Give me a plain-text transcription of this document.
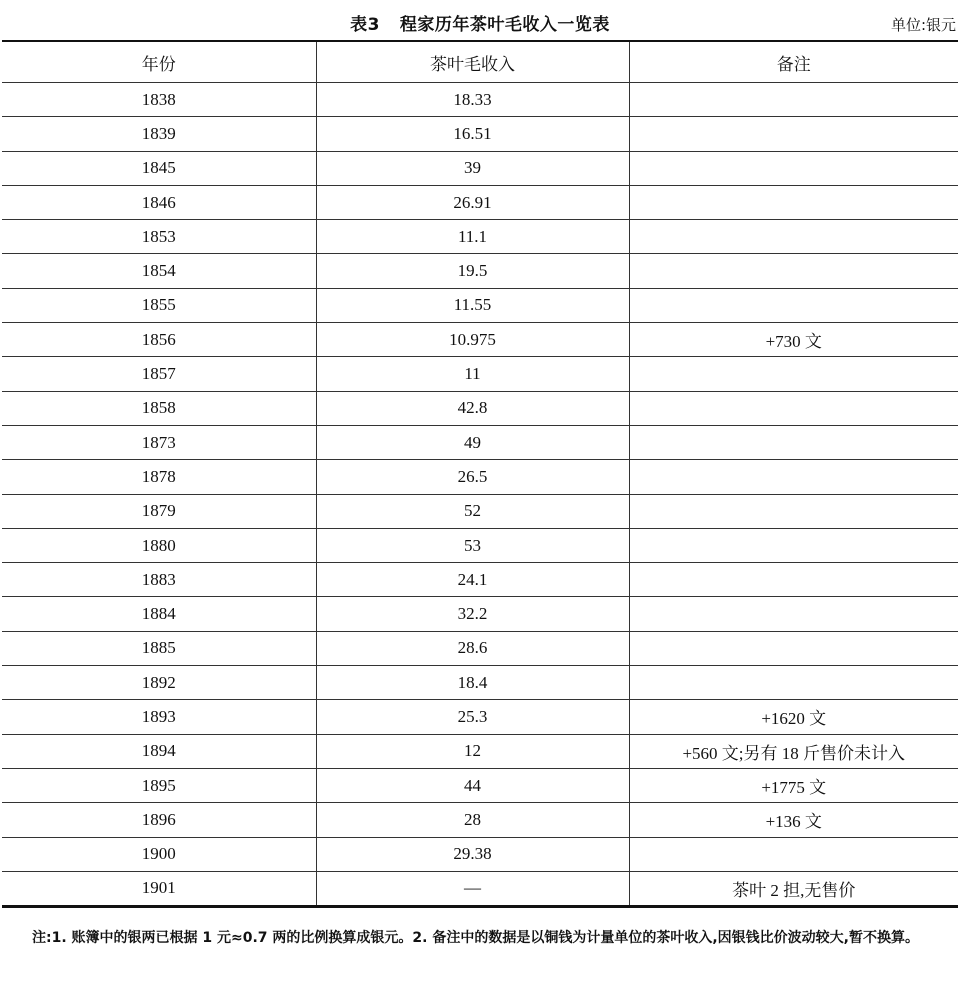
表3 程家历年茶叶毛收入一览表	单位:银元
年份	茶叶毛收入	备注
1838	18.33	
1839	16.51	
1845	39	
1846	26.91	
1853	11.1	
1854	19.5	
1855	11.55	
1856	10.975	+730 文
1857	11	
1858	42.8	
1873	49	
1878	26.5	
1879	52	
1880	53	
1883	24.1	
1884	32.2	
1885	28.6	
1892	18.4	
1893	25.3	+1620 文
1894	12	+560 文;另有 18 斤售价未计入
1895	44	+1775 文
1896	28	+136 文
1900	29.38	
1901	—	茶叶 2 担,无售价
注:1. 账簿中的银两已根据 1 元≈0.7 两的比例换算成银元。2. 备注中的数据是以铜钱为计量单位的茶叶收入,因银钱比价波动较大,暂不换算。
